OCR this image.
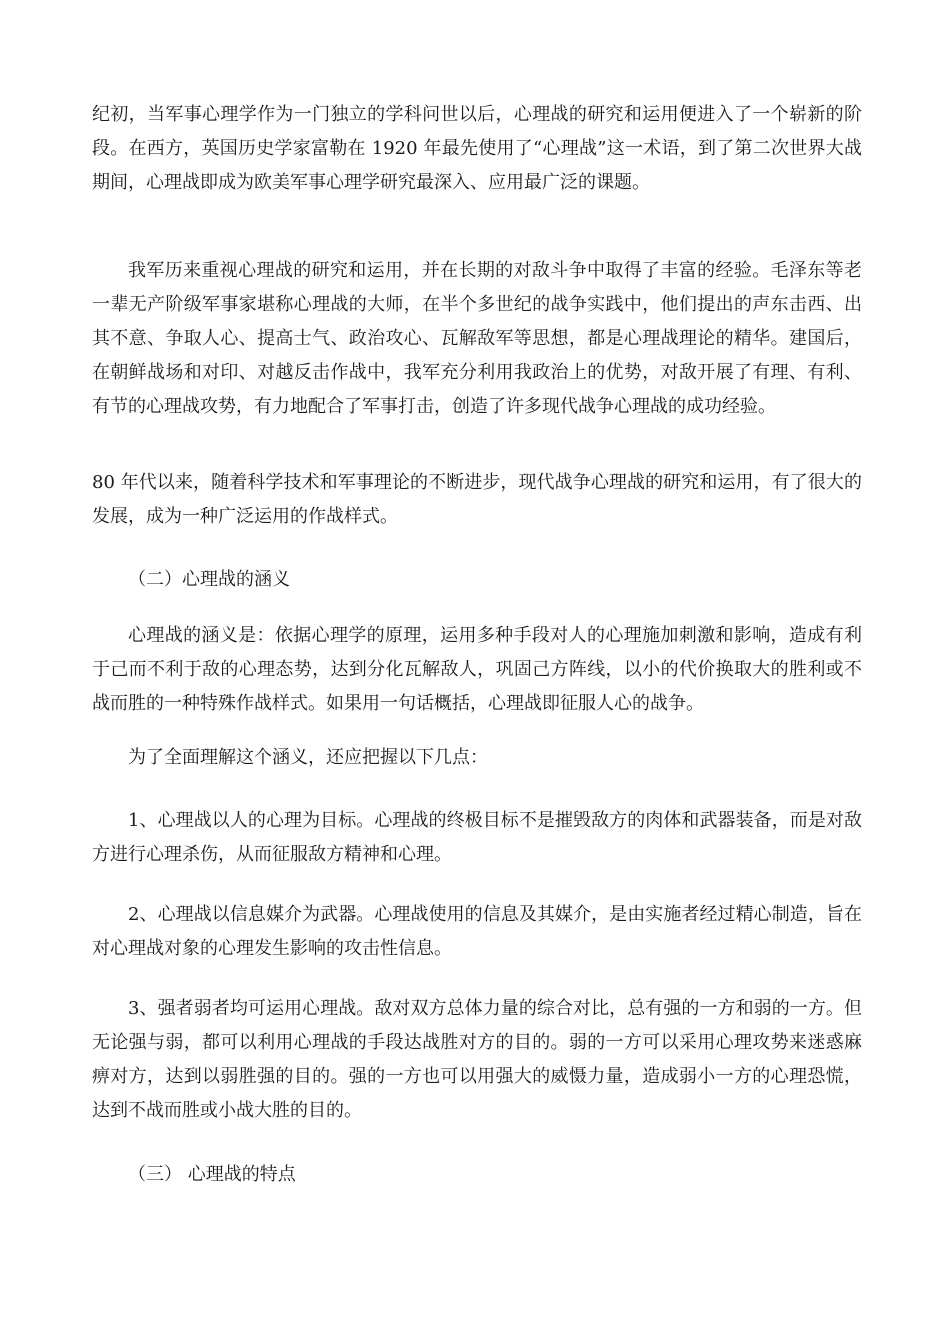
纪初，当军事心理学作为一门独立的学科问世以后，心理战的研究和运用便进入了一个崭新的阶段。在西方，英国历史学家富勒在 1920 年最先使用了“心理战”这一术语，到了第二次世界大战期间，心理战即成为欧美军事心理学研究最深入、应用最广泛的课题。

我军历来重视心理战的研究和运用，并在长期的对敌斗争中取得了丰富的经验。毛泽东等老一辈无产阶级军事家堪称心理战的大师，在半个多世纪的战争实践中，他们提出的声东击西、出其不意、争取人心、提高士气、政治攻心、瓦解敌军等思想，都是心理战理论的精华。建国后，在朝鲜战场和对印、对越反击作战中，我军充分利用我政治上的优势，对敌开展了有理、有利、有节的心理战攻势，有力地配合了军事打击，创造了许多现代战争心理战的成功经验。

80 年代以来，随着科学技术和军事理论的不断进步，现代战争心理战的研究和运用，有了很大的发展，成为一种广泛运用的作战样式。

（二）心理战的涵义

心理战的涵义是：依据心理学的原理，运用多种手段对人的心理施加刺激和影响，造成有利于己而不利于敌的心理态势，达到分化瓦解敌人，巩固己方阵线，以小的代价换取大的胜利或不战而胜的一种特殊作战样式。如果用一句话概括，心理战即征服人心的战争。

为了全面理解这个涵义，还应把握以下几点：

1、心理战以人的心理为目标。心理战的终极目标不是摧毁敌方的肉体和武器装备，而是对敌方进行心理杀伤，从而征服敌方精神和心理。

2、心理战以信息媒介为武器。心理战使用的信息及其媒介，是由实施者经过精心制造，旨在对心理战对象的心理发生影响的攻击性信息。

3、强者弱者均可运用心理战。敌对双方总体力量的综合对比，总有强的一方和弱的一方。但无论强与弱，都可以利用心理战的手段达战胜对方的目的。弱的一方可以采用心理攻势来迷惑麻痹对方，达到以弱胜强的目的。强的一方也可以用强大的威慑力量，造成弱小一方的心理恐慌，达到不战而胜或小战大胜的目的。

（三） 心理战的特点
